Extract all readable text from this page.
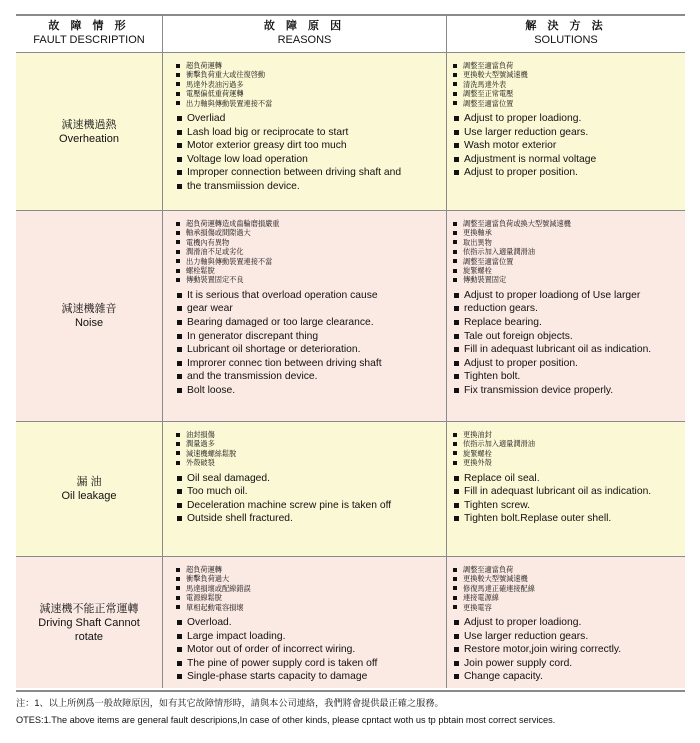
故 障 情 形
FAULT DESCRIPTION
故 障 原 因
REASONS
解 決 方 法
SOLUTIONS
減速機過熱
Overheation
超負荷運轉
衝擊負荷重大或往復啓動
馬達外表油污過多
電壓偏低重荷運轉
出力軸與傳動裝置連接不當
Overliad
Lash load big or reciprocate to start
Motor exterior greasy dirt too much
Voltage low load operation
Improper connection between driving shaft and
the transmiission device.
調整至適當負荷
更換較大型號減速機
清洗馬達外表
調整至正常電壓
調整至適當位置
Adjust to proper loadiong.
Use larger reduction gears.
Wash motor exterior
Adjustment is normal voltage
Adjust to proper position.
減速機雜音
Noise
超負荷運轉造成齒輪磨損嚴重
軸承損傷或間隙過大
電機內有異物
潤滑油不足或劣化
出力軸與傳動裝置連接不當
螺栓鬆脫
傳動裝置固定不良
It is serious that overload operation cause
gear wear
Bearing damaged or too large clearance.
In generator discrepant thing
Lubricant oil shortage or deterioration.
Improrer connec tion between driving shaft
and the transmission device.
Bolt loose.
調整至適當負荷或換大型號減速機
更換軸承
取出異物
依指示加入適量潤滑油
調整至適當位置
旋緊螺栓
傳動裝置固定
Adjust to proper loadiong of Use larger
reduction gears.
Replace bearing.
Tale out foreign objects.
Fill in adequast lubricant oil as indication.
Adjust to proper position.
Tighten bolt.
Fix transmission device properly.
漏 油
Oil leakage
油封損傷
潤量過多
減速機螺絲鬆脫
外殼破裂
Oil seal damaged.
Too much oil.
Deceleration machine screw pine is taken off
Outside shell fractured.
更換油封
依指示加入適量潤滑油
旋緊螺栓
更換外殼
Replace oil seal.
Fill in adequast lubricant oil as indication.
Tighten screw.
Tighten bolt.Replase outer shell.
減速機不能正常運轉
Driving Shaft Cannot rotate
超負荷運轉
衝擊負荷過大
馬達損壞或配線錯誤
電源線鬆脫
單相起動電容損壞
Overload.
Large impact loading.
Motor out of order of incorrect wiring.
The pine of power supply cord is taken off
Single-phase starts capacity to damage
調整至適當負荷
更換較大型號減速機
修復馬達正確連接配線
連接電源線
更換電容
Adjust to proper loadiong.
Use larger reduction gears.
Restore motor,join wiring correctly.
Join power supply cord.
Change capacity.
注：1、以上所例爲一般故障原因，如有其它故障情形時，請與本公司連絡，我們將會提供最正確之服務。
OTES:1.The above items are general fault descripions,In case of other kinds, please cpntact woth us tp pbtain most correct services.
